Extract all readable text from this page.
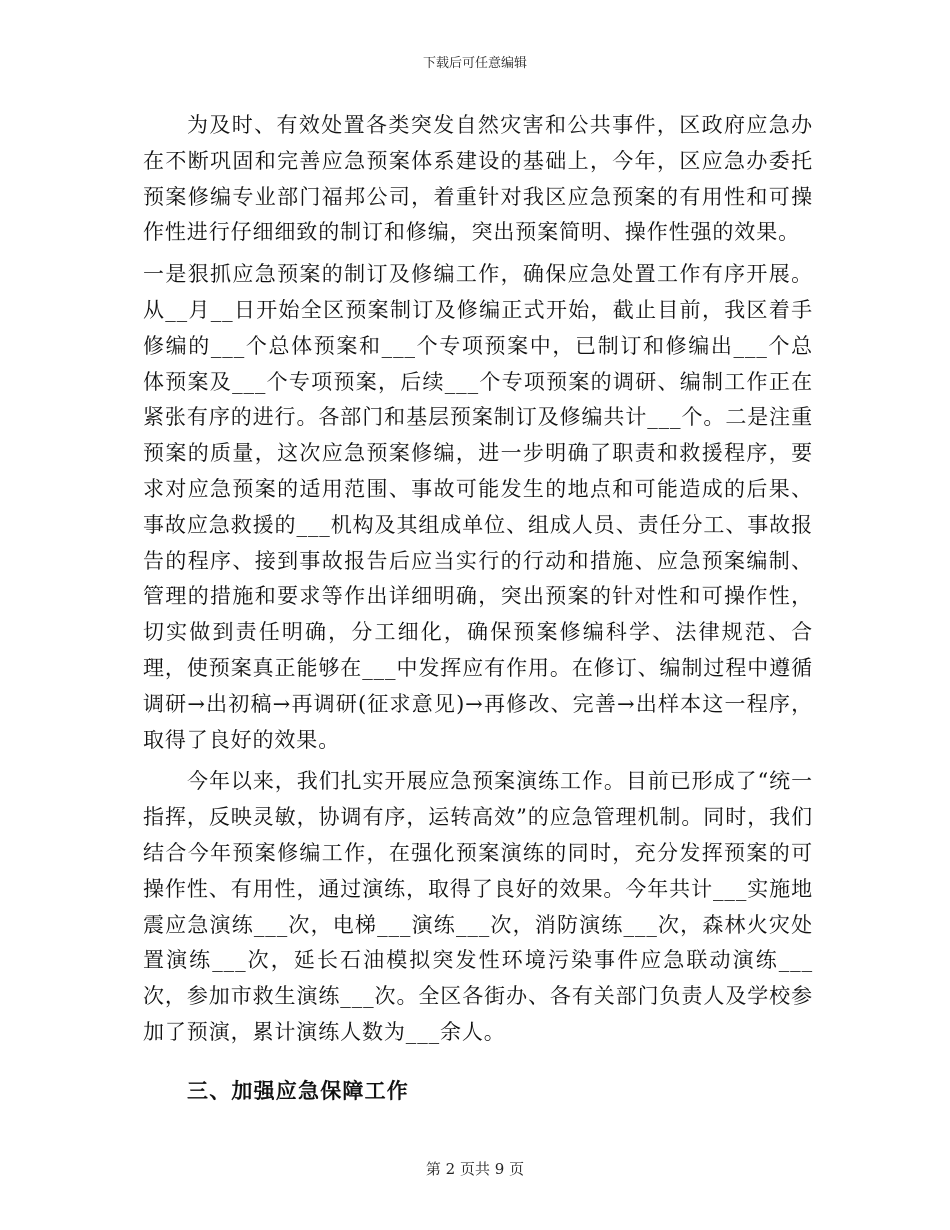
下载后可任意编辑

为及时、有效处置各类突发自然灾害和公共事件，区政府应急办在不断巩固和完善应急预案体系建设的基础上，今年，区应急办委托预案修编专业部门福邦公司，着重针对我区应急预案的有用性和可操作性进行仔细细致的制订和修编，突出预案简明、操作性强的效果。

一是狠抓应急预案的制订及修编工作，确保应急处置工作有序开展。从__月__日开始全区预案制订及修编正式开始，截止目前，我区着手修编的___个总体预案和___个专项预案中，已制订和修编出___个总体预案及___个专项预案，后续___个专项预案的调研、编制工作正在紧张有序的进行。各部门和基层预案制订及修编共计___个。二是注重预案的质量，这次应急预案修编，进一步明确了职责和救援程序，要求对应急预案的适用范围、事故可能发生的地点和可能造成的后果、事故应急救援的___机构及其组成单位、组成人员、责任分工、事故报告的程序、接到事故报告后应当实行的行动和措施、应急预案编制、管理的措施和要求等作出详细明确，突出预案的针对性和可操作性，切实做到责任明确，分工细化，确保预案修编科学、法律规范、合理，使预案真正能够在___中发挥应有作用。在修订、编制过程中遵循调研→出初稿→再调研(征求意见)→再修改、完善→出样本这一程序，取得了良好的效果。

今年以来，我们扎实开展应急预案演练工作。目前已形成了“统一指挥，反映灵敏，协调有序，运转高效”的应急管理机制。同时，我们结合今年预案修编工作，在强化预案演练的同时，充分发挥预案的可操作性、有用性，通过演练，取得了良好的效果。今年共计___实施地震应急演练___次，电梯___演练___次，消防演练___次，森林火灾处置演练___次，延长石油模拟突发性环境污染事件应急联动演练___次，参加市救生演练___次。全区各街办、各有关部门负责人及学校参加了预演，累计演练人数为___余人。

三、加强应急保障工作
第 2 页共 9 页
